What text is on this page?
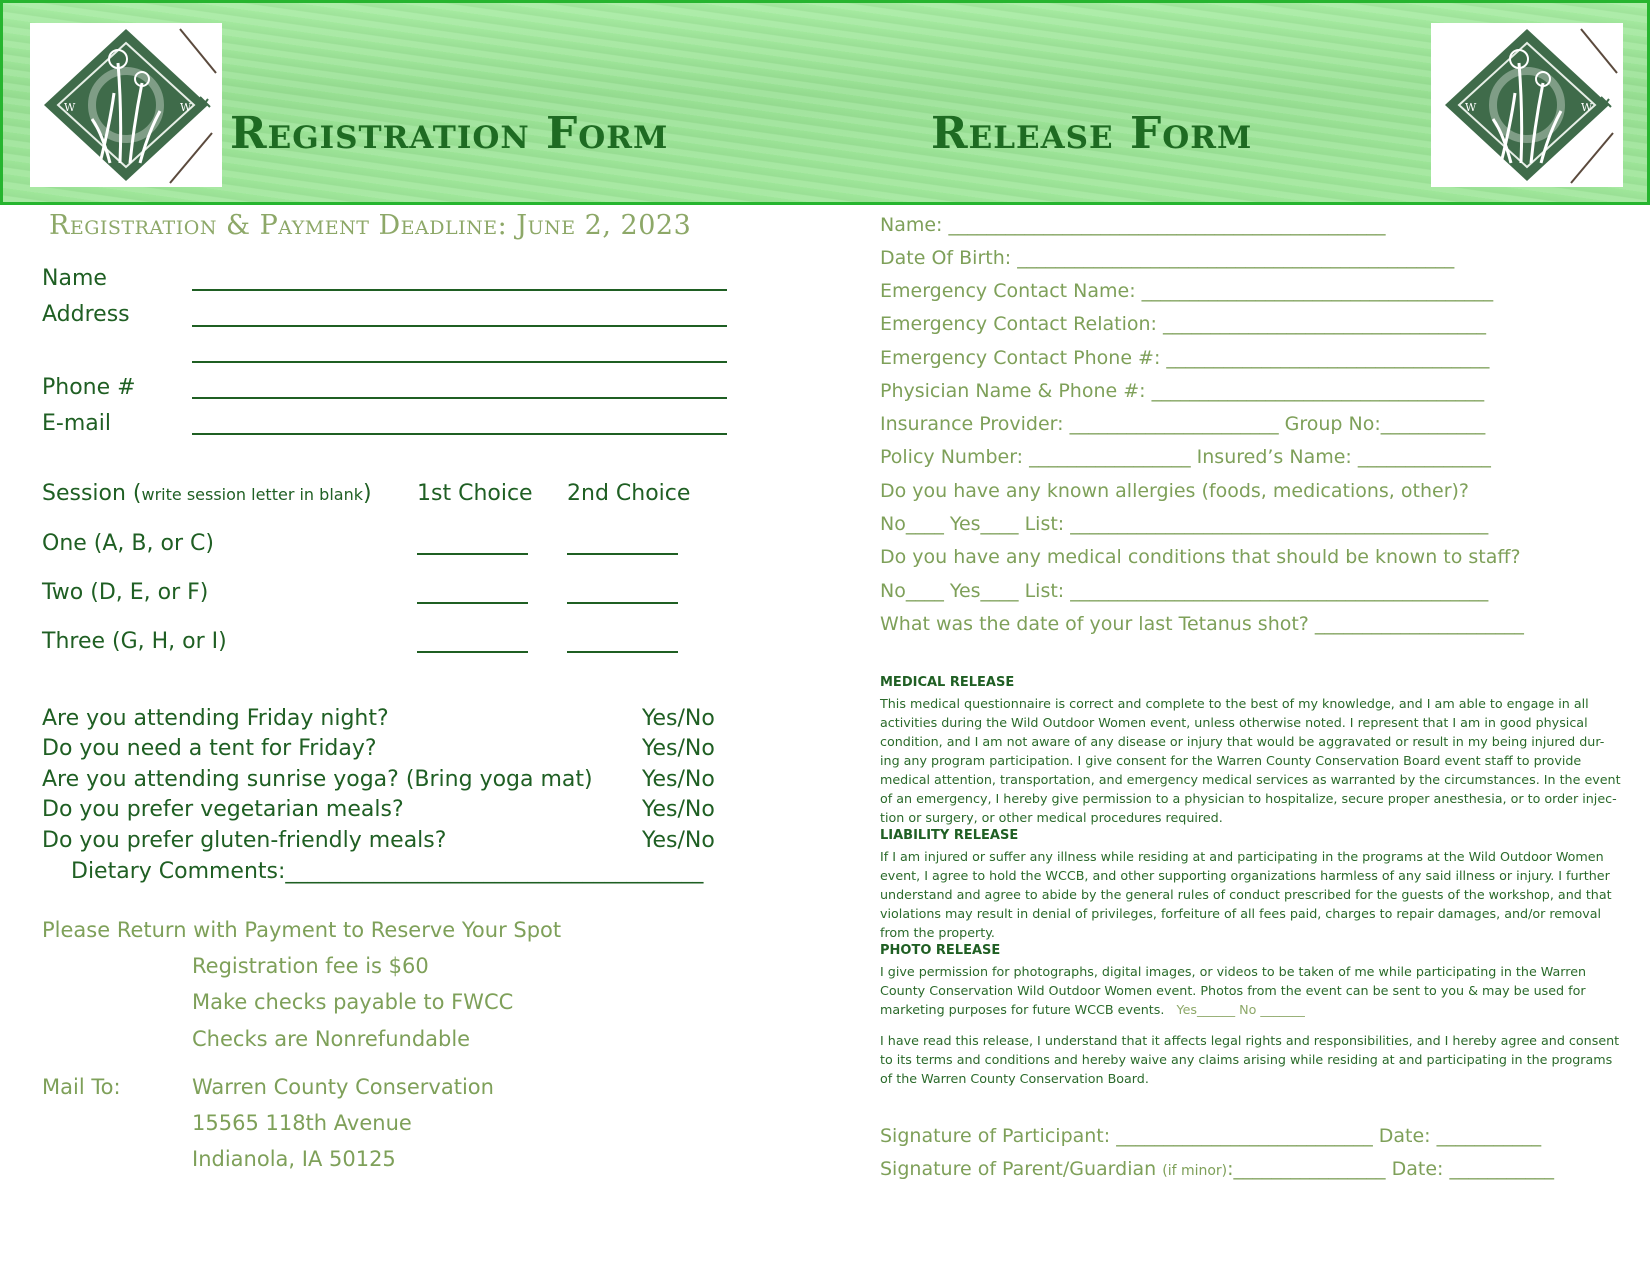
W	W
Registration Form	Release Form
W	W
Registration & Payment Deadline: June 2, 2023
Name
Address
Phone #
E-mail
Session (write session letter in blank) 1st Choice 2nd Choice
One (A, B, or C)
Two (D, E, or F)
Three (G, H, or I)
Are you attending Friday night?	Yes/No
Do you need a tent for Friday?	Yes/No
Are you attending sunrise yoga? (Bring yoga mat) Yes/No
Do you prefer vegetarian meals?	Yes/No
Do you prefer gluten-friendly meals?	Yes/No
Dietary Comments:______________________________________
Please Return with Payment to Reserve Your Spot
Registration fee is $60
Make checks payable to FWCC
Checks are Nonrefundable
Mail To:	Warren County Conservation
15565 118th Avenue
Indianola, IA 50125
Name: ______________________________________________
Date Of Birth: ______________________________________________
Emergency Contact Name: _____________________________________
Emergency Contact Relation: __________________________________
Emergency Contact Phone #: __________________________________
Physician Name & Phone #: ___________________________________
Insurance Provider: ______________________ Group No:___________
Policy Number: _________________ Insured’s Name: ______________
Do you have any known allergies (foods, medications, other)?
No____ Yes____ List: ____________________________________________
Do you have any medical conditions that should be known to staff?
No____ Yes____ List: ____________________________________________
What was the date of your last Tetanus shot? ______________________
MEDICAL RELEASE
This medical questionnaire is correct and complete to the best of my knowledge, and I am able to engage in all
activities during the Wild Outdoor Women event, unless otherwise noted. I represent that I am in good physical
condition, and I am not aware of any disease or injury that would be aggravated or result in my being injured dur-
ing any program participation. I give consent for the Warren County Conservation Board event staff to provide
medical attention, transportation, and emergency medical services as warranted by the circumstances. In the event
of an emergency, I hereby give permission to a physician to hospitalize, secure proper anesthesia, or to order injec-
tion or surgery, or other medical procedures required.
LIABILITY RELEASE
If I am injured or suffer any illness while residing at and participating in the programs at the Wild Outdoor Women
event, I agree to hold the WCCB, and other supporting organizations harmless of any said illness or injury. I further
understand and agree to abide by the general rules of conduct prescribed for the guests of the workshop, and that
violations may result in denial of privileges, forfeiture of all fees paid, charges to repair damages, and/or removal
from the property.
PHOTO RELEASE
I give permission for photographs, digital images, or videos to be taken of me while participating in the Warren
County Conservation Wild Outdoor Women event. Photos from the event can be sent to you & may be used for
marketing purposes for future WCCB events. Yes______ No _______
I have read this release, I understand that it affects legal rights and responsibilities, and I hereby agree and consent
to its terms and conditions and hereby waive any claims arising while residing at and participating in the programs
of the Warren County Conservation Board.
Signature of Participant: ___________________________ Date: ___________
Signature of Parent/Guardian (if minor):________________ Date: ___________
